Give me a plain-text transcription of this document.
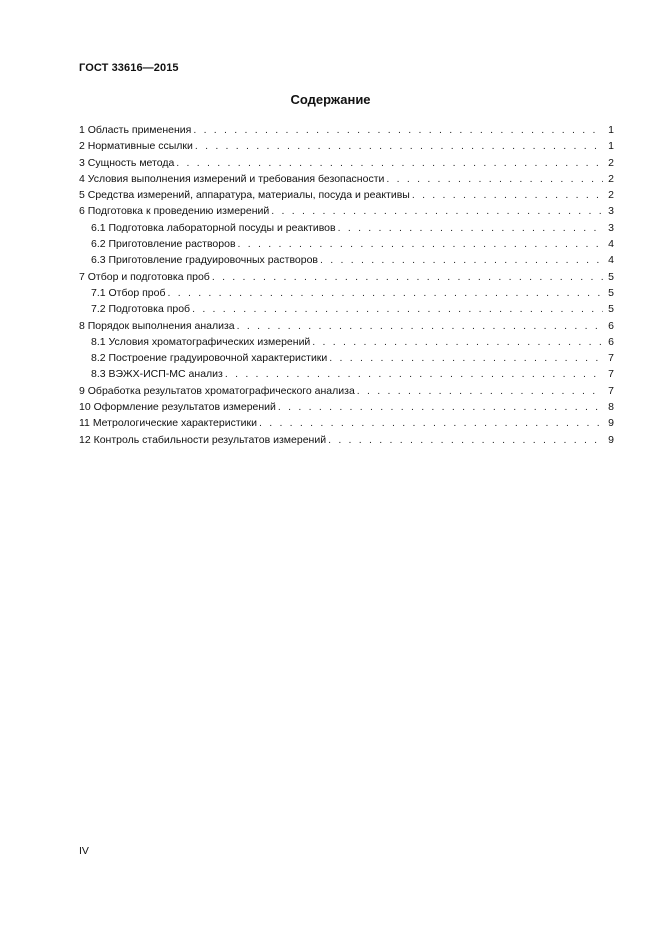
ГОСТ 33616—2015
Содержание
1 Область применения . . .	1
2 Нормативные ссылки . . .	1
3 Сущность метода . . .	2
4 Условия выполнения измерений и требования безопасности . . .	2
5 Средства измерений, аппаратура, материалы, посуда и реактивы . . .	2
6 Подготовка к проведению измерений . . .	3
6.1 Подготовка лабораторной посуды и реактивов . . .	3
6.2 Приготовление растворов . . .	4
6.3 Приготовление градуировочных растворов . . .	4
7 Отбор и подготовка проб . . .	5
7.1 Отбор проб . . .	5
7.2 Подготовка проб . . .	5
8 Порядок выполнения анализа . . .	6
8.1 Условия хроматографических измерений . . .	6
8.2 Построение градуировочной характеристики . . .	7
8.3 ВЭЖХ-ИСП-МС анализ . . .	7
9 Обработка результатов хроматографического анализа . . .	7
10 Оформление результатов измерений . . .	8
11 Метрологические характеристики . . .	9
12 Контроль стабильности результатов измерений . . .	9
IV
